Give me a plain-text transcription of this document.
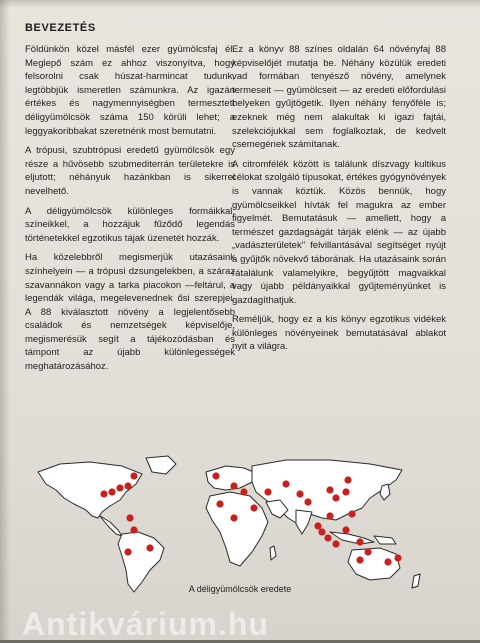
BEVEZETÉS

Földünkön közel másfél ezer gyümölcsfaj él. Meglepő szám ez ahhoz viszonyítva, hogy felsorolni csak húszat-harmincat tudunk, legtöbbjük ismeretlen számunkra. Az igazán értékes és nagymennyiségben termesztett déligyümölcsök száma 150 körüli lehet; a leggyakoribbakat szeretnénk most bemutatni.

A trópusi, szubtrópusi eredetű gyümölcsök egy része a hűvösebb szubmediterrán területekre is eljutott; néhányuk hazánkban is sikerrel nevelhető.

A déligyümölcsök különleges formáikkal, színeikkel, a hozzájuk fűződő legendás történetekkel egzotikus tájak üzenetét hozzák.

Ha közelebbről megismerjük utazásaink színhelyein — a trópusi dzsungelekben, a száraz szavannákon vagy a tarka piacokon —feltárul, a legendák világa, megelevenednek ősi szerepjei. A 88 kiválasztott növény a legjelentősebb családok és nemzetségek képviselője, megismerésük segít a tájékozódásban és támpont az újabb különlegességek meghatározásához.

Ez a könyv 88 színes oldalán 64 növényfaj 88 képviselőjét mutatja be. Néhány közülük eredeti vad formában tenyésző növény, amelynek termeseit — gyümölcseit — az eredeti előfordulási helyeken gyűjtögetik. Ilyen néhány fenyőféle is; ezeknek még nem alakultak ki igazi fajtái, szelekciójukkal sem foglalkoztak, de kedvelt csemegének számítanak.

A citromfélék között is találunk díszvagy kultikus célokat szolgáló típusokat, értékes gyógynövények is vannak köztük. Közös bennük, hogy gyümölcseikkel hívták fel magukra az ember figyelmét. Bemutatásuk — amellett, hogy a természet gazdagságát tárják elénk — az újabb „vadászterületek" felvillantásával segítséget nyújt a gyűjtők növekvő táborának. Ha utazásaink során rátalálunk valamelyikre, begyűjtött magvaikkal vagy újabb példányaikkal gyűjteményünket is gazdagíthatjuk.

Reméljük, hogy ez a kis könyv egzotikus vidékek különleges növényeinek bemutatásával ablakot nyit a világra.

A déligyümölcsök eredete
Antikvárium.hu
